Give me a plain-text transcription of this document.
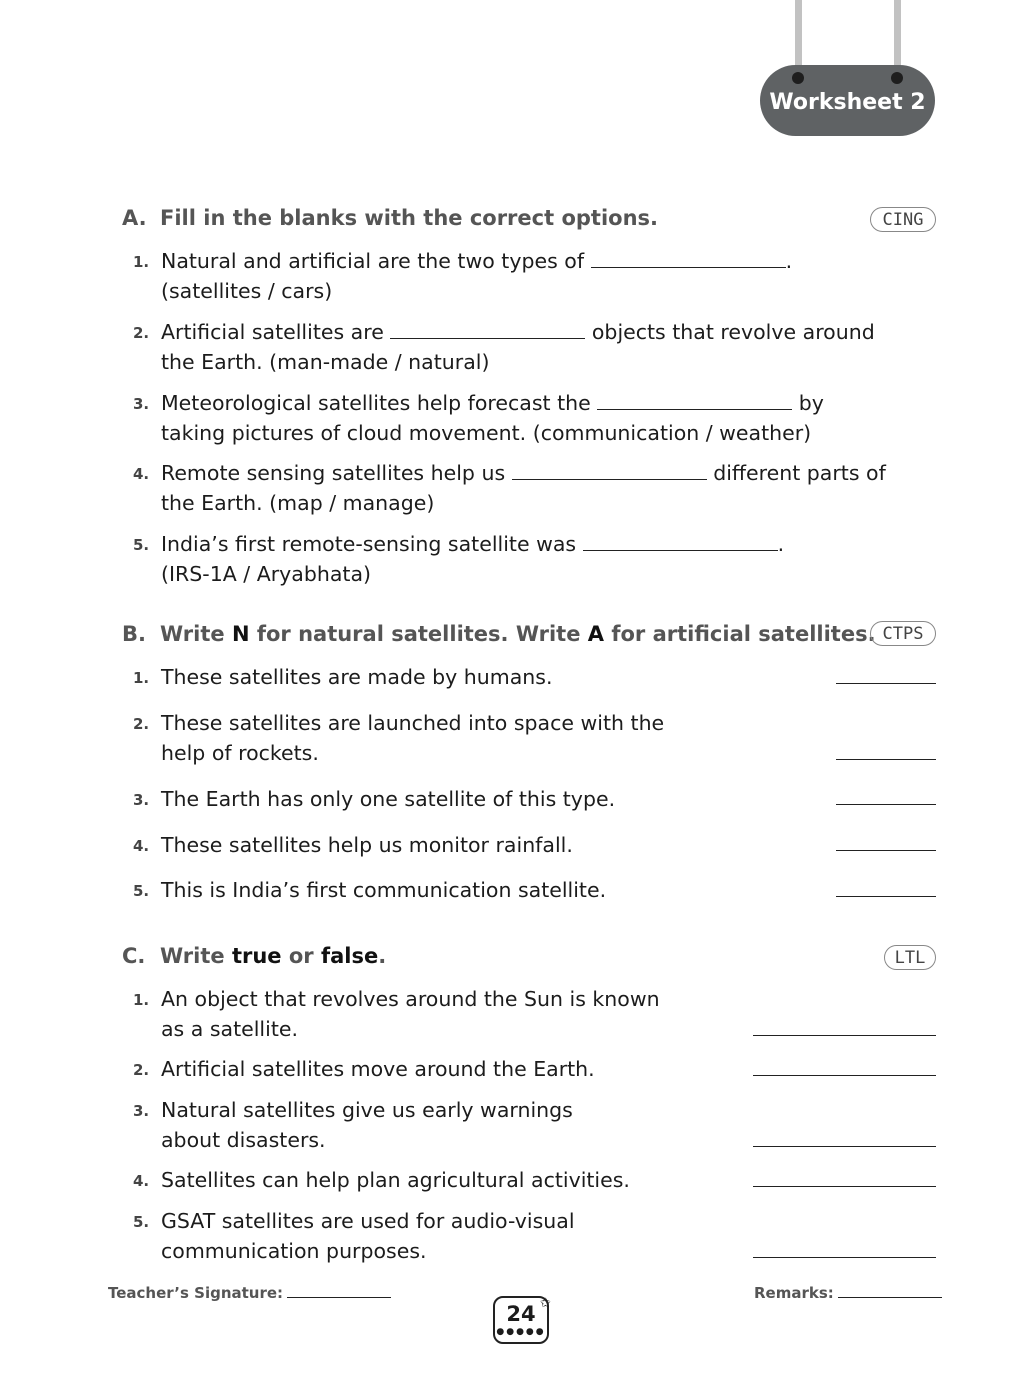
Worksheet 2
A. Fill in the blanks with the correct options.	CING
1. Natural and artificial are the two types of	.
(satellites / cars)
2. Artificial satellites are	objects that revolve around
the Earth. (man-made / natural)
3. Meteorological satellites help forecast the	by
taking pictures of cloud movement. (communication / weather)
4. Remote sensing satellites help us	different parts of
the Earth. (map / manage)
5. India’s first remote-sensing satellite was	.
(IRS-1A / Aryabhata)
B. Write N for natural satellites. Write A for artificial satellites. CTPS
1. These satellites are made by humans.
2. These satellites are launched into space with the
help of rockets.
3. The Earth has only one satellite of this type.
4. These satellites help us monitor rainfall.
5. This is India’s first communication satellite.
C. Write true or false.	LTL
1. An object that revolves around the Sun is known
as a satellite.
2. Artificial satellites move around the Earth.
3. Natural satellites give us early warnings
about disasters.
4. Satellites can help plan agricultural activities.
5. GSAT satellites are used for audio-visual
communication purposes.
Teacher’s Signature:	Remarks:
24
●●●●●
✩
